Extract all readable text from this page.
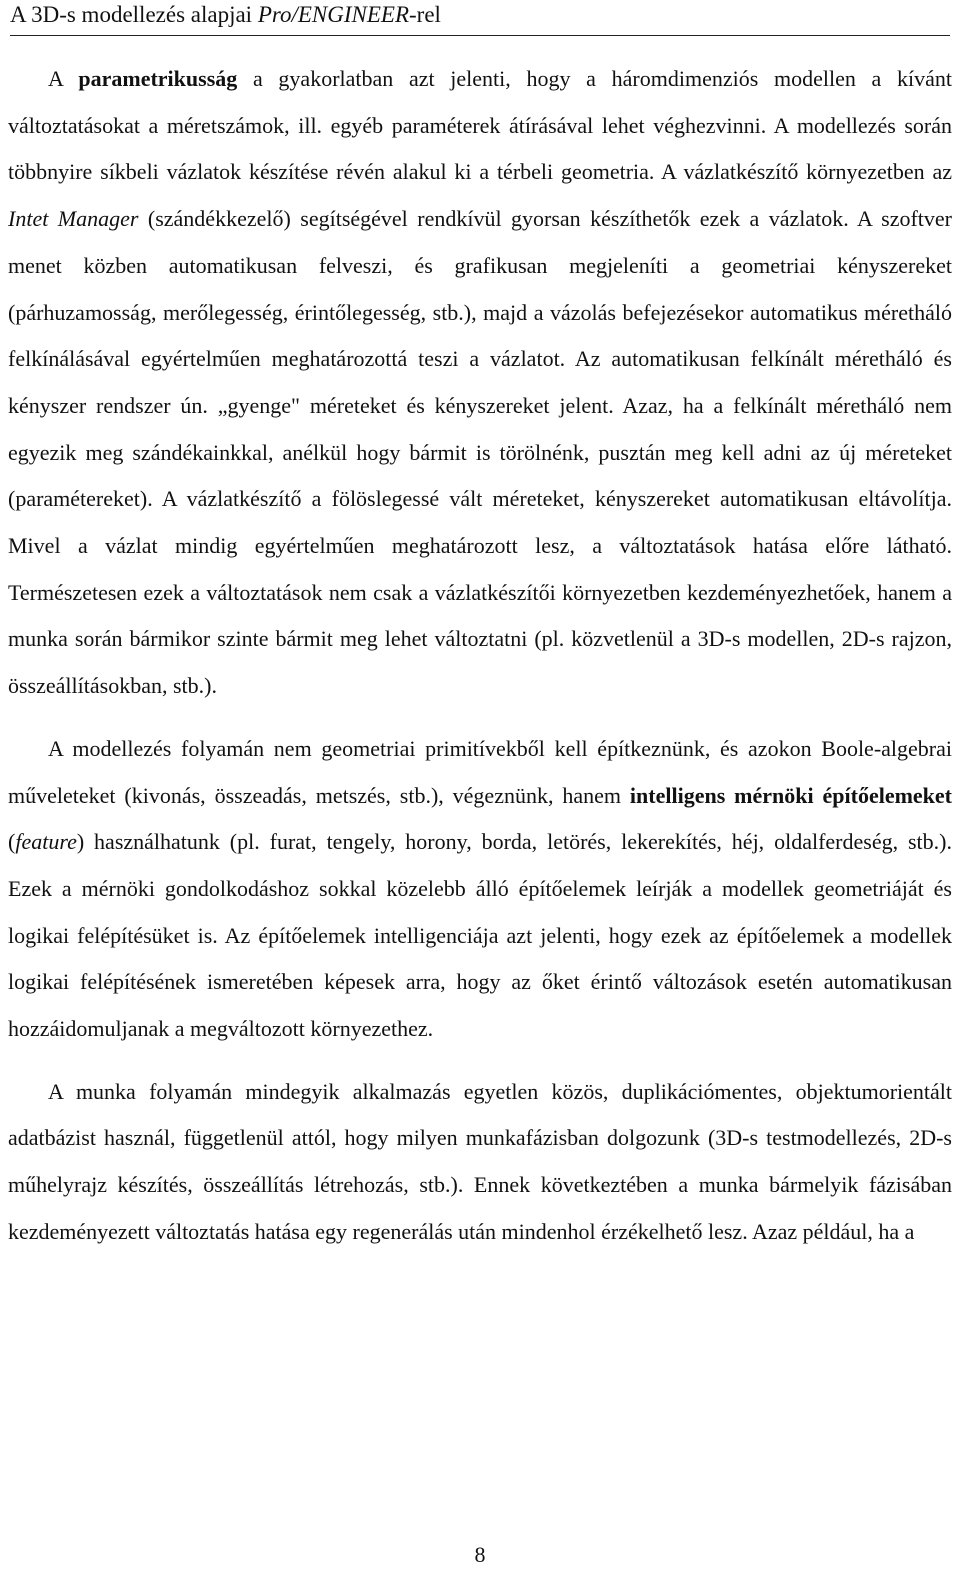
A 3D-s modellezés alapjai Pro/ENGINEER-rel

A parametrikusság a gyakorlatban azt jelenti, hogy a háromdimenziós modellen a kívánt változtatásokat a méretszámok, ill. egyéb paraméterek átírásával lehet véghezvinni. A modellezés során többnyire síkbeli vázlatok készítése révén alakul ki a térbeli geometria. A vázlatkészítő környezetben az Intet Manager (szándékkezelő) segítségével rendkívül gyorsan készíthetők ezek a vázlatok. A szoftver menet közben automatikusan felveszi, és grafikusan megjeleníti a geometriai kényszereket (párhuzamosság, merőlegesség, érintőlegesség, stb.), majd a vázolás befejezésekor automatikus méretháló felkínálásával egyértelműen meghatározottá teszi a vázlatot. Az automatikusan felkínált méretháló és kényszer rendszer ún. „gyenge" méreteket és kényszereket jelent. Azaz, ha a felkínált méretháló nem egyezik meg szándékainkkal, anélkül hogy bármit is törölnénk, pusztán meg kell adni az új méreteket (paramétereket). A vázlatkészítő a fölöslegessé vált méreteket, kényszereket automatikusan eltávolítja. Mivel a vázlat mindig egyértelműen meghatározott lesz, a változtatások hatása előre látható. Természetesen ezek a változtatások nem csak a vázlatkészítői környezetben kezdeményezhetőek, hanem a munka során bármikor szinte bármit meg lehet változtatni (pl. közvetlenül a 3D-s modellen, 2D-s rajzon, összeállításokban, stb.).

A modellezés folyamán nem geometriai primitívekből kell építkeznünk, és azokon Boole-algebrai műveleteket (kivonás, összeadás, metszés, stb.), végeznünk, hanem intelligens mérnöki építőelemeket (feature) használhatunk (pl. furat, tengely, horony, borda, letörés, lekerekítés, héj, oldalferdeség, stb.). Ezek a mérnöki gondolkodáshoz sokkal közelebb álló építőelemek leírják a modellek geometriáját és logikai felépítésüket is. Az építőelemek intelligenciája azt jelenti, hogy ezek az építőelemek a modellek logikai felépítésének ismeretében képesek arra, hogy az őket érintő változások esetén automatikusan hozzáidomuljanak a megváltozott környezethez.

A munka folyamán mindegyik alkalmazás egyetlen közös, duplikációmentes, objektumorientált adatbázist használ, függetlenül attól, hogy milyen munkafázisban dolgozunk (3D-s testmodellezés, 2D-s műhelyrajz készítés, összeállítás létrehozás, stb.). Ennek következtében a munka bármelyik fázisában kezdeményezett változtatás hatása egy regenerálás után mindenhol érzékelhető lesz. Azaz például, ha a

8
